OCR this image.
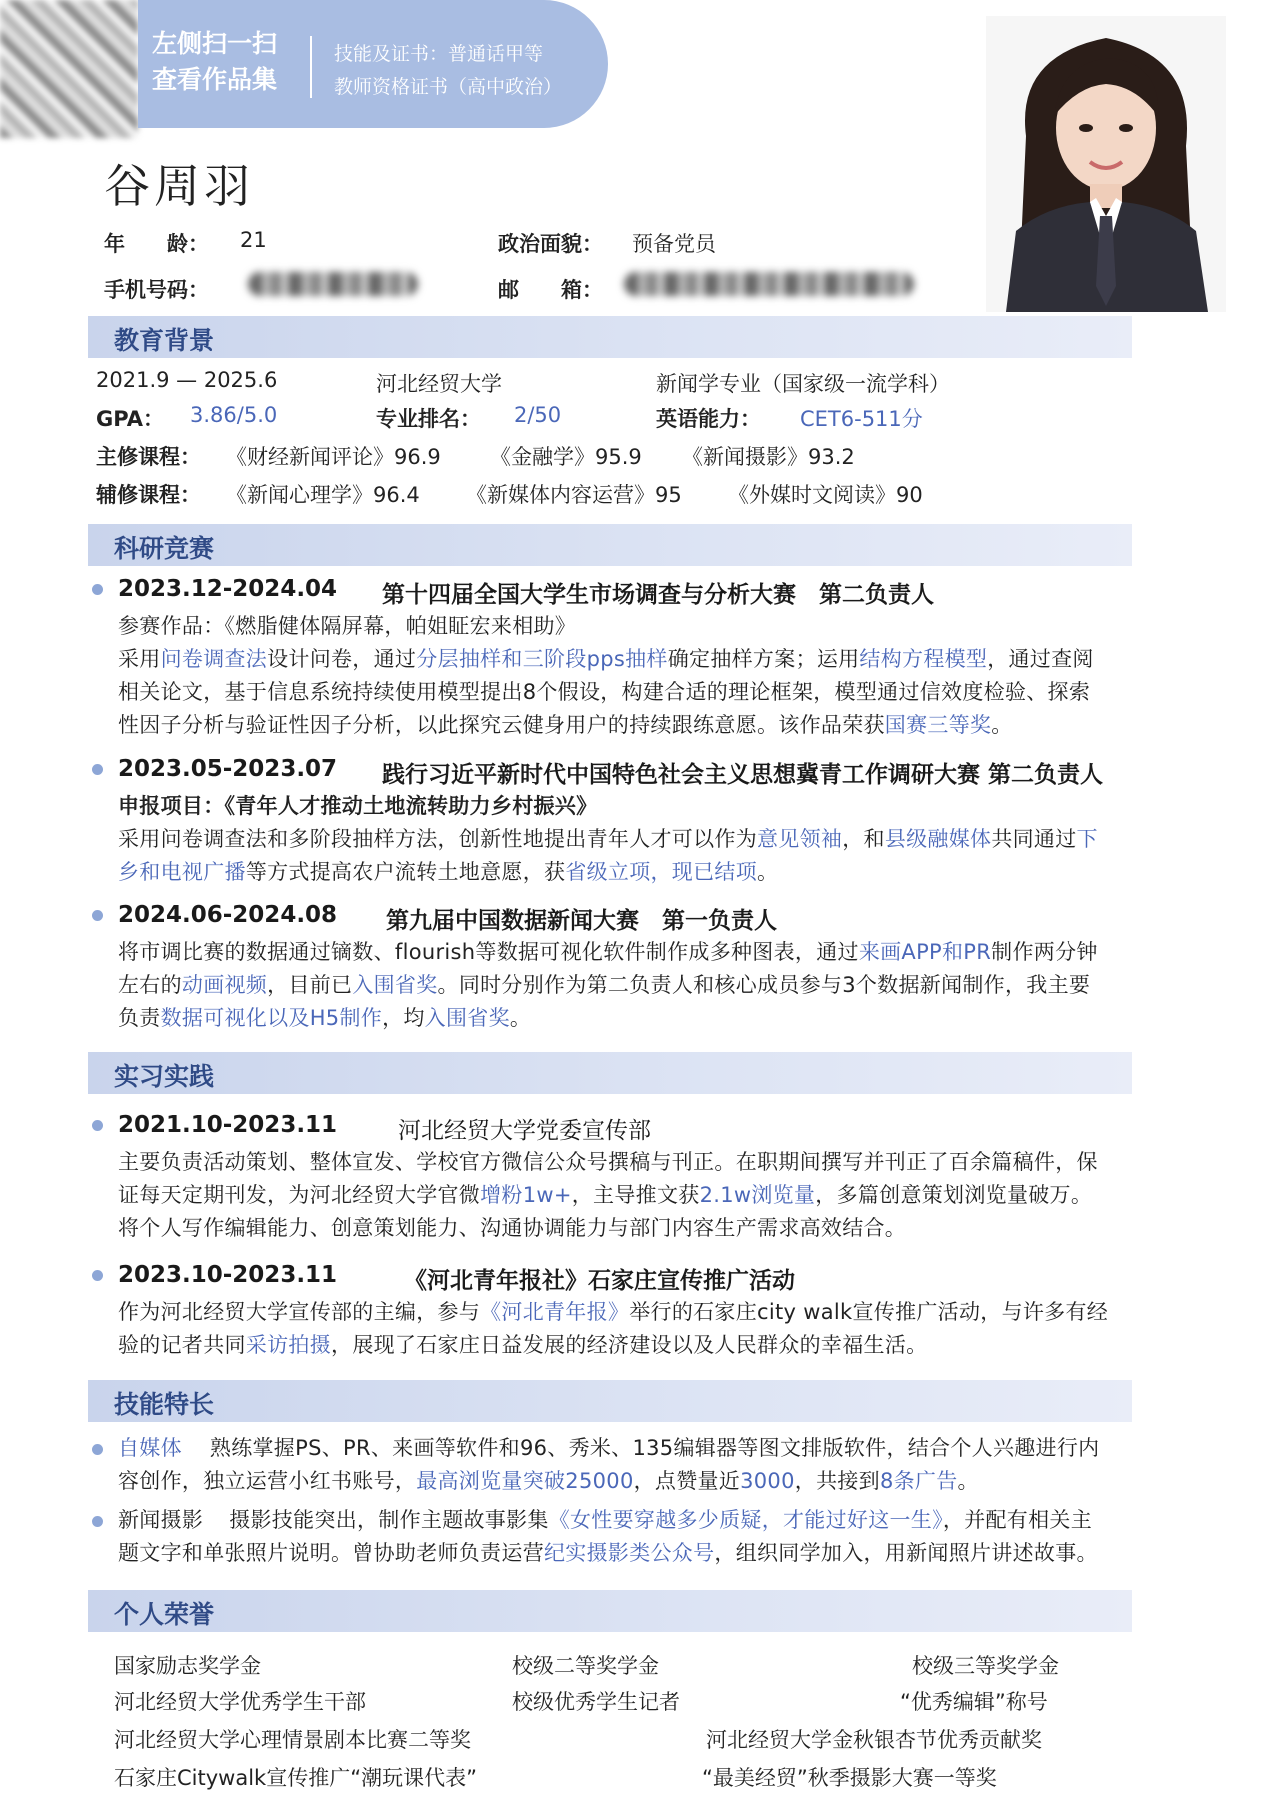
左侧扫一扫
查看作品集
技能及证书：普通话甲等
教师资格证书（高中政治）
谷周羽
年　　龄： 21	政治面貌： 预备党员
手机号码：	邮　　箱：
教育背景
2021.9 — 2025.6	河北经贸大学	新闻学专业（国家级一流学科）
GPA： 3.86/5.0	专业排名： 2/50	英语能力： CET6-511分
主修课程： 《财经新闻评论》96.9 《金融学》95.9 《新闻摄影》93.2
辅修课程： 《新闻心理学》96.4 《新媒体内容运营》95 《外媒时文阅读》90
科研竞赛
2023.12-2024.04 第十四届全国大学生市场调查与分析大赛　第二负责人
参赛作品：《燃脂健体隔屏幕，帕姐眐宏来相助》
采用问卷调查法设计问卷，通过分层抽样和三阶段pps抽样确定抽样方案；运用结构方程模型，通过查阅
相关论文，基于信息系统持续使用模型提出8个假设，构建合适的理论框架，模型通过信效度检验、探索
性因子分析与验证性因子分析，以此探究云健身用户的持续跟练意愿。该作品荣获国赛三等奖。
2023.05-2023.07 践行习近平新时代中国特色社会主义思想冀青工作调研大赛 第二负责人
申报项目：《青年人才推动土地流转助力乡村振兴》
采用问卷调查法和多阶段抽样方法，创新性地提出青年人才可以作为意见领袖，和县级融媒体共同通过下
乡和电视广播等方式提高农户流转土地意愿，获省级立项，现已结项。
2024.06-2024.08 第九届中国数据新闻大赛　第一负责人
将市调比赛的数据通过镝数、flourish等数据可视化软件制作成多种图表，通过来画APP和PR制作两分钟
左右的动画视频，目前已入围省奖。同时分别作为第二负责人和核心成员参与3个数据新闻制作，我主要
负责数据可视化以及H5制作，均入围省奖。
实习实践
2021.10-2023.11	河北经贸大学党委宣传部
主要负责活动策划、整体宣发、学校官方微信公众号撰稿与刊正。在职期间撰写并刊正了百余篇稿件，保
证每天定期刊发，为河北经贸大学官微增粉1w+，主导推文获2.1w浏览量，多篇创意策划浏览量破万。
将个人写作编辑能力、创意策划能力、沟通协调能力与部门内容生产需求高效结合。
2023.10-2023.11	《河北青年报社》石家庄宣传推广活动
作为河北经贸大学宣传部的主编，参与《河北青年报》举行的石家庄city walk宣传推广活动，与许多有经
验的记者共同采访拍摄，展现了石家庄日益发展的经济建设以及人民群众的幸福生活。
技能特长
自媒体 熟练掌握PS、PR、来画等软件和96、秀米、135编辑器等图文排版软件，结合个人兴趣进行内
容创作，独立运营小红书账号，最高浏览量突破25000，点赞量近3000，共接到8条广告。
新闻摄影 摄影技能突出，制作主题故事影集《女性要穿越多少质疑，才能过好这一生》，并配有相关主
题文字和单张照片说明。曾协助老师负责运营纪实摄影类公众号，组织同学加入，用新闻照片讲述故事。
个人荣誉
国家励志奖学金	校级二等奖学金	校级三等奖学金
河北经贸大学优秀学生干部	校级优秀学生记者	“优秀编辑”称号
河北经贸大学心理情景剧本比赛二等奖	河北经贸大学金秋银杏节优秀贡献奖
石家庄Citywalk宣传推广“潮玩课代表”	“最美经贸”秋季摄影大赛一等奖
